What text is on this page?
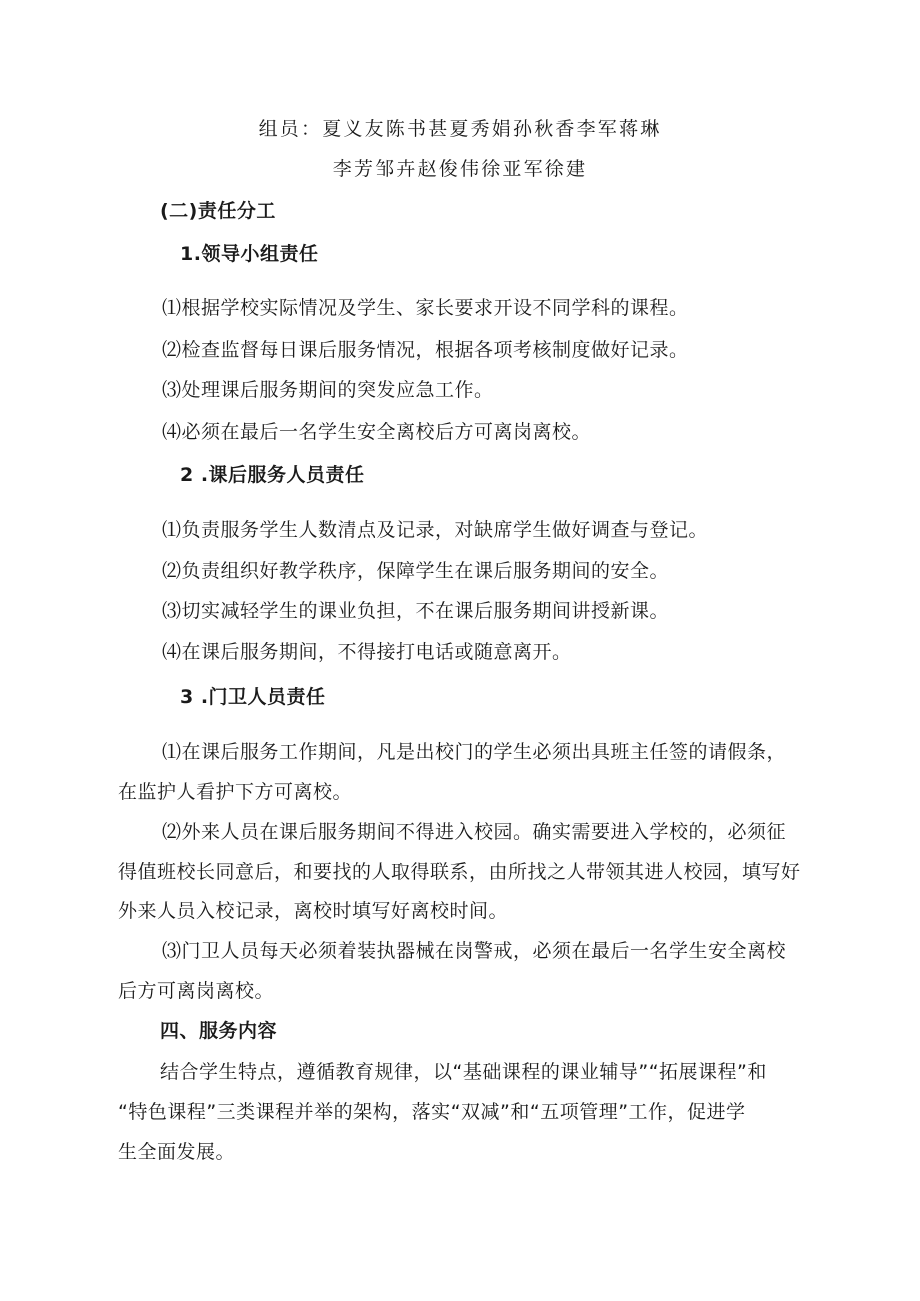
组员：夏义友陈书甚夏秀娟孙秋香李军蒋琳
李芳邹卉赵俊伟徐亚军徐建
(二)责任分工
1.领导小组责任
⑴根据学校实际情况及学生、家长要求开设不同学科的课程。
⑵检查监督每日课后服务情况，根据各项考核制度做好记录。
⑶处理课后服务期间的突发应急工作。
⑷必须在最后一名学生安全离校后方可离岗离校。
2 .课后服务人员责任
⑴负责服务学生人数清点及记录，对缺席学生做好调查与登记。
⑵负责组织好教学秩序，保障学生在课后服务期间的安全。
⑶切实减轻学生的课业负担，不在课后服务期间讲授新课。
⑷在课后服务期间，不得接打电话或随意离开。
3 .门卫人员责任
⑴在课后服务工作期间，凡是出校门的学生必须出具班主任签的请假条，
在监护人看护下方可离校。
⑵外来人员在课后服务期间不得进入校园。确实需要进入学校的，必须征
得值班校长同意后，和要找的人取得联系，由所找之人带领其进人校园，填写好
外来人员入校记录，离校时填写好离校时间。
⑶门卫人员每天必须着装执器械在岗警戒，必须在最后一名学生安全离校
后方可离岗离校。
四、服务内容
结合学生特点，遵循教育规律，以“基础课程的课业辅导”“拓展课程”和
“特色课程”三类课程并举的架构，落实“双减”和“五项管理”工作，促进学
生全面发展。
